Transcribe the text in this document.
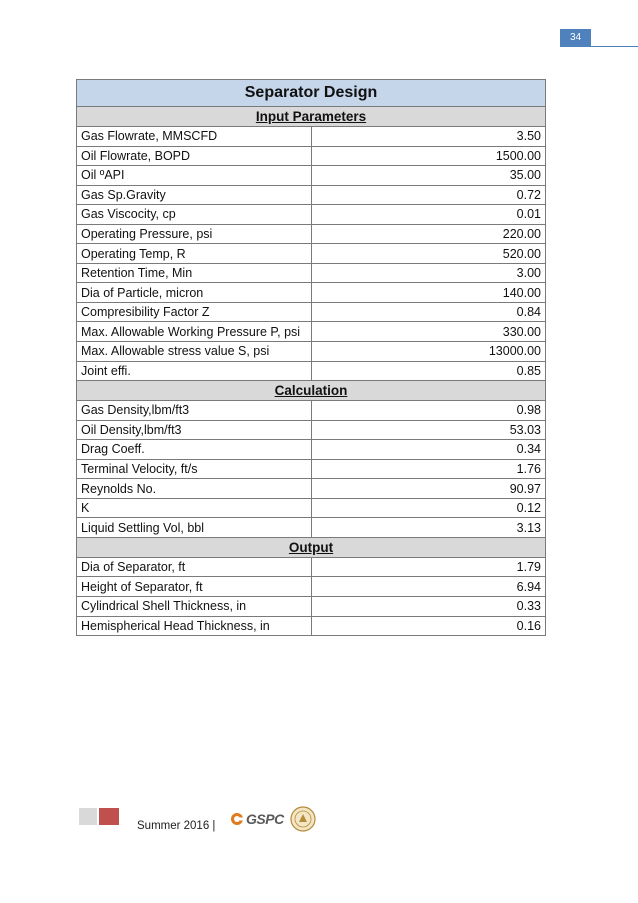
34
Separator Design	
Input Parameters	
Gas Flowrate, MMSCFD	3.50
Oil Flowrate, BOPD	1500.00
Oil ºAPI	35.00
Gas Sp.Gravity	0.72
Gas Viscocity, cp	0.01
Operating Pressure, psi	220.00
Operating Temp, R	520.00
Retention Time, Min	3.00
Dia of Particle, micron	140.00
Compresibility Factor Z	0.84
Max. Allowable Working Pressure P, psi	330.00
Max. Allowable stress value S, psi	13000.00
Joint effi.	0.85
Calculation	
Gas Density,lbm/ft3	0.98
Oil Density,lbm/ft3	53.03
Drag Coeff.	0.34
Terminal Velocity, ft/s	1.76
Reynolds No.	90.97
K	0.12
Liquid Settling Vol, bbl	3.13
Output	
Dia of Separator, ft	1.79
Height of Separator, ft	6.94
Cylindrical Shell Thickness, in	0.33
Hemispherical Head Thickness, in	0.16
Summer 2016 | GSPC
